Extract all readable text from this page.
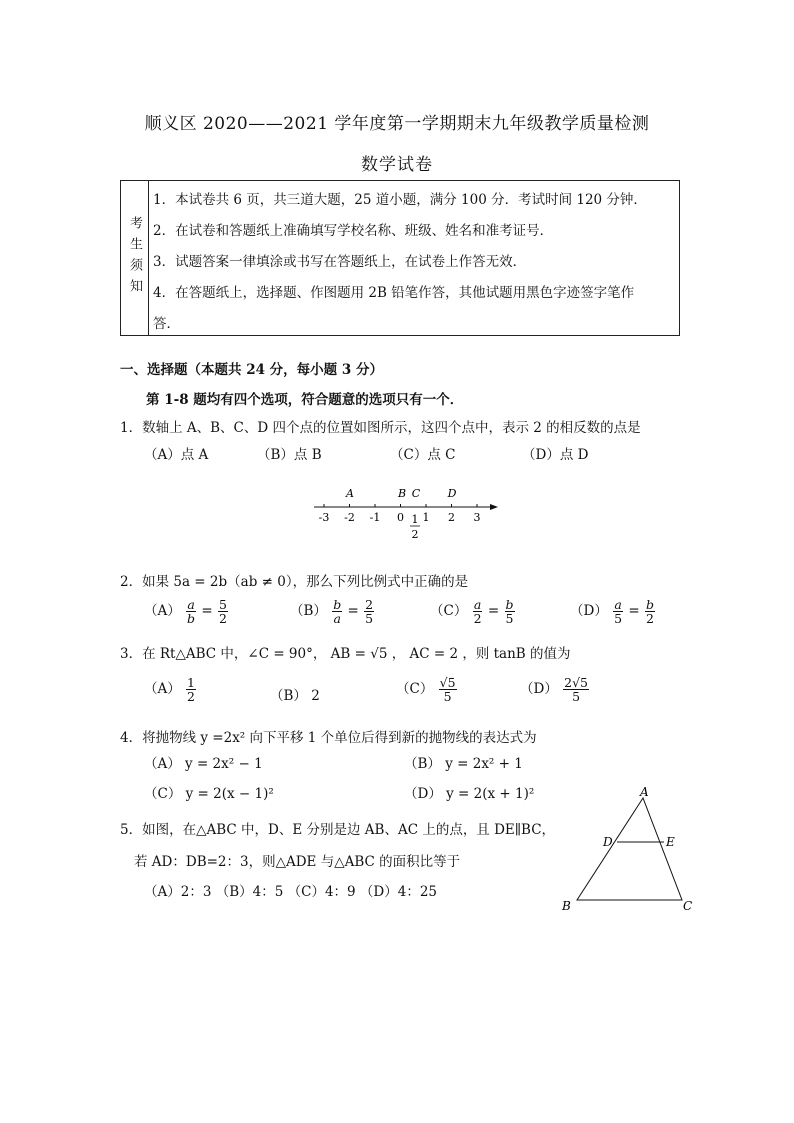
顺义区 2020——2021 学年度第一学期期末九年级教学质量检测
数学试卷
考生须知
1．本试卷共 6 页，共三道大题，25 道小题，满分 100 分．考试时间 120 分钟．
2．在试卷和答题纸上准确填写学校名称、班级、姓名和准考证号．
3．试题答案一律填涂或书写在答题纸上，在试卷上作答无效．
4．在答题纸上，选择题、作图题用 2B 铅笔作答，其他试题用黑色字迹签字笔作
答．
一、选择题（本题共 24 分，每小题 3 分）
第 1-8 题均有四个选项，符合题意的选项只有一个．
1．数轴上 A、B、C、D 四个点的位置如图所示，这四个点中，表示 2 的相反数的点是
（A）点 A	（B）点 B	（C）点 C	（D）点 D
-3 -2 -1 0 1 2 3
1
2
A	B C D
2．如果 5a = 2b（ab ≠ 0），那么下列比例式中正确的是
$(A) \frac{a}{b} = \frac{5}{2}$	$(B) \frac{b}{a} = \frac{2}{5}$	$(C) \frac{a}{2} = \frac{b}{5}$	$(D) \frac{a}{5} = \frac{b}{2}$
3．在 Rt△ABC 中，∠C = 90°， AB = √5 ， AC = 2 ，则 tanB 的值为
$(A) \frac{1}{2}$	（B） 2	$(C) \frac{√5}{5}$	$(D) \frac{2√5}{5}$
4．将抛物线 y =2x² 向下平移 1 个单位后得到新的抛物线的表达式为
（A） y = 2x² − 1	（B） y = 2x² + 1
（C） y = 2(x − 1)²	（D） y = 2(x + 1)²
5．如图，在△ABC 中，D、E 分别是边 AB、AC 上的点，且 DE∥BC，
若 AD：DB=2：3，则△ADE 与△ABC 的面积比等于
（A）2：3 （B）4：5 （C）4：9 （D）4：25
A
D	E
B	C
